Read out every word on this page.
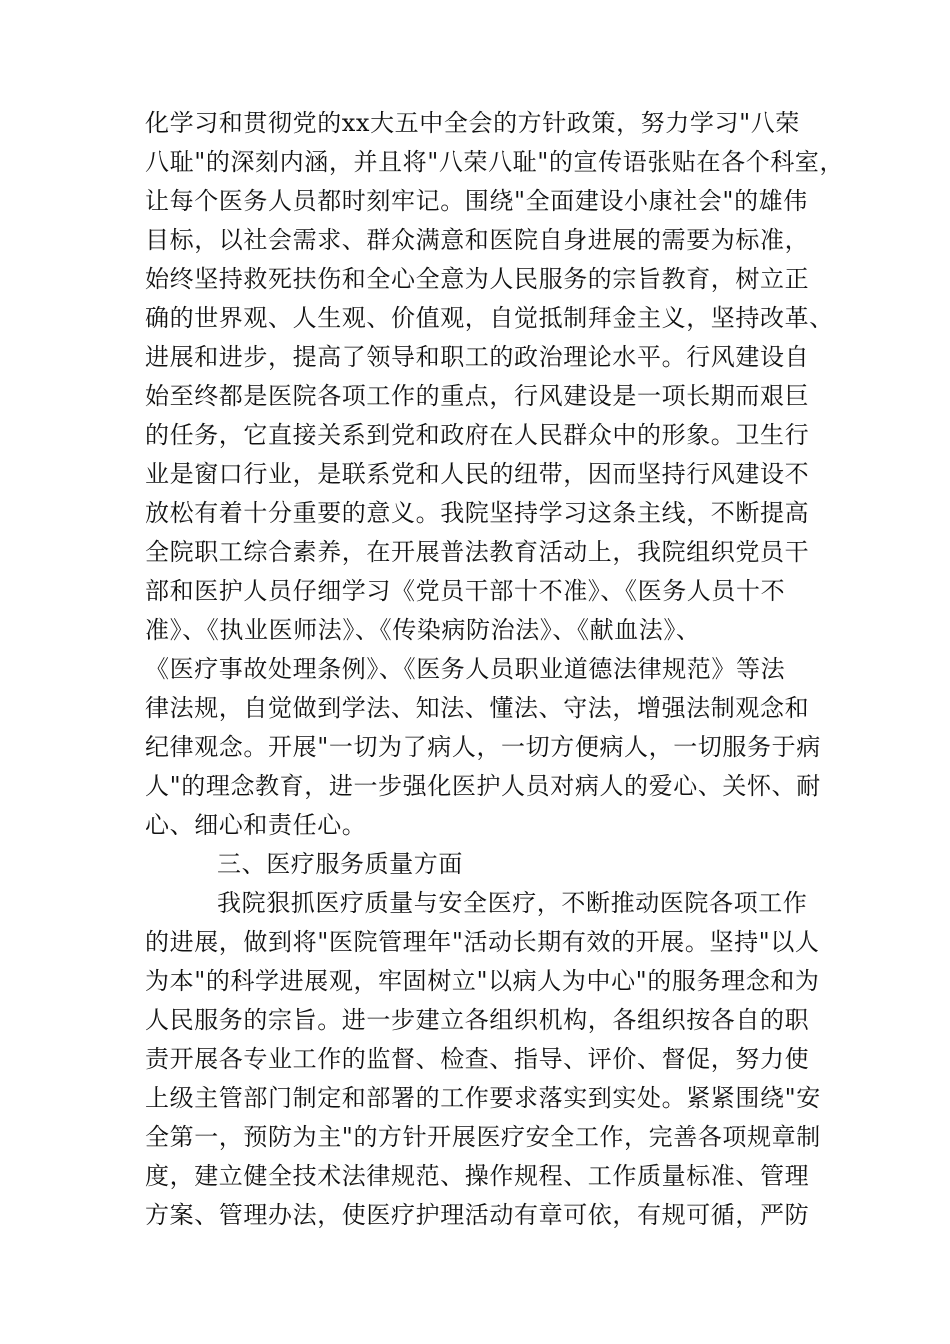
化学习和贯彻党的xx大五中全会的方针政策，努力学习"八荣
八耻"的深刻内涵，并且将"八荣八耻"的宣传语张贴在各个科室，
让每个医务人员都时刻牢记。围绕"全面建设小康社会"的雄伟
目标，以社会需求、群众满意和医院自身进展的需要为标准，
始终坚持救死扶伤和全心全意为人民服务的宗旨教育，树立正
确的世界观、人生观、价值观，自觉抵制拜金主义，坚持改革、
进展和进步，提高了领导和职工的政治理论水平。行风建设自
始至终都是医院各项工作的重点，行风建设是一项长期而艰巨
的任务，它直接关系到党和政府在人民群众中的形象。卫生行
业是窗口行业，是联系党和人民的纽带，因而坚持行风建设不
放松有着十分重要的意义。我院坚持学习这条主线，不断提高
全院职工综合素养，在开展普法教育活动上，我院组织党员干
部和医护人员仔细学习《党员干部十不准》、《医务人员十不
准》、《执业医师法》、《传染病防治法》、《献血法》、
《医疗事故处理条例》、《医务人员职业道德法律规范》等法
律法规，自觉做到学法、知法、懂法、守法，增强法制观念和
纪律观念。开展"一切为了病人，一切方便病人，一切服务于病
人"的理念教育，进一步强化医护人员对病人的爱心、关怀、耐
心、细心和责任心。
三、医疗服务质量方面
我院狠抓医疗质量与安全医疗，不断推动医院各项工作
的进展，做到将"医院管理年"活动长期有效的开展。坚持"以人
为本"的科学进展观，牢固树立"以病人为中心"的服务理念和为
人民服务的宗旨。进一步建立各组织机构，各组织按各自的职
责开展各专业工作的监督、检查、指导、评价、督促，努力使
上级主管部门制定和部署的工作要求落实到实处。紧紧围绕"安
全第一，预防为主"的方针开展医疗安全工作，完善各项规章制
度，建立健全技术法律规范、操作规程、工作质量标准、管理
方案、管理办法，使医疗护理活动有章可依，有规可循，严防
